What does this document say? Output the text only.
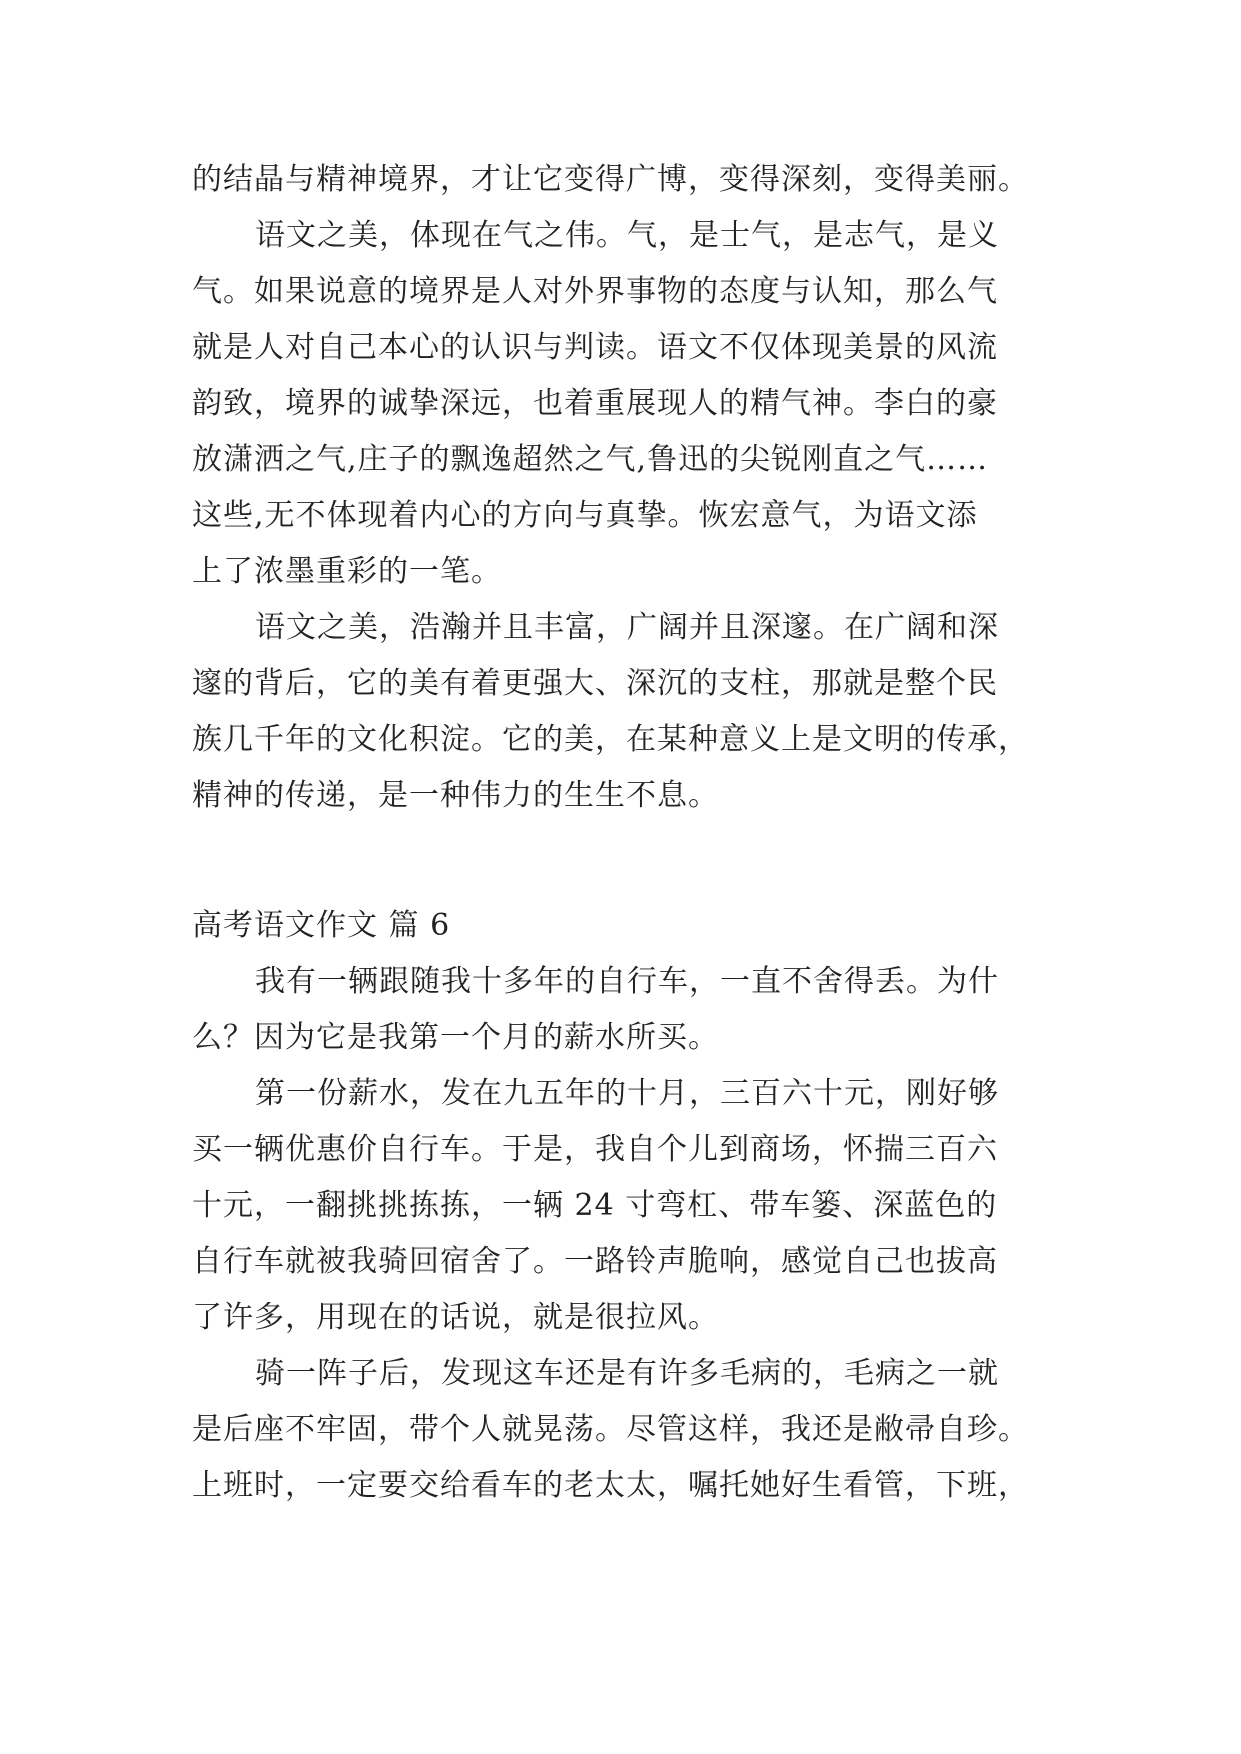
的结晶与精神境界，才让它变得广博，变得深刻，变得美丽。
语文之美，体现在气之伟。气，是士气，是志气，是义
气。如果说意的境界是人对外界事物的态度与认知，那么气
就是人对自己本心的认识与判读。语文不仅体现美景的风流
韵致，境界的诚挚深远，也着重展现人的精气神。李白的豪
放潇洒之气,庄子的飘逸超然之气,鲁迅的尖锐刚直之气……
这些,无不体现着内心的方向与真挚。恢宏意气，为语文添
上了浓墨重彩的一笔。
语文之美，浩瀚并且丰富，广阔并且深邃。在广阔和深
邃的背后，它的美有着更强大、深沉的支柱，那就是整个民
族几千年的文化积淀。它的美，在某种意义上是文明的传承，
精神的传递，是一种伟力的生生不息。
高考语文作文 篇 6
我有一辆跟随我十多年的自行车，一直不舍得丢。为什
么？因为它是我第一个月的薪水所买。
第一份薪水，发在九五年的十月，三百六十元，刚好够
买一辆优惠价自行车。于是，我自个儿到商场，怀揣三百六
十元，一翻挑挑拣拣，一辆 24 寸弯杠、带车篓、深蓝色的
自行车就被我骑回宿舍了。一路铃声脆响，感觉自己也拔高
了许多，用现在的话说，就是很拉风。
骑一阵子后，发现这车还是有许多毛病的，毛病之一就
是后座不牢固，带个人就晃荡。尽管这样，我还是敝帚自珍。
上班时，一定要交给看车的老太太，嘱托她好生看管，下班，
